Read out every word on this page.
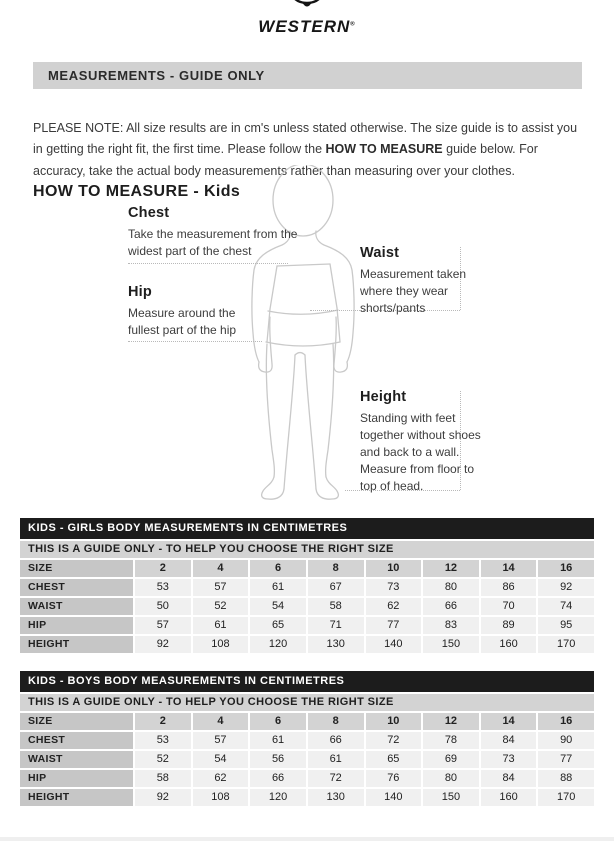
WESTERN®
MEASUREMENTS - GUIDE ONLY

PLEASE NOTE: All size results are in cm's unless stated otherwise. The size guide is to assist you in getting the right fit, the first time. Please follow the HOW TO MEASURE guide below. For accuracy, take the actual body measurements rather than measuring over your clothes.

HOW TO MEASURE - Kids
Chest
Take the measurement from the widest part of the chest
Hip
Measure around the fullest part of the hip
Waist
Measurement taken where they wear shorts/pants
Height
Standing with feet together without shoes and back to a wall. Measure from floor to top of head.
KIDS - GIRLS BODY MEASUREMENTS IN CENTIMETRES
THIS IS A GUIDE ONLY - TO HELP YOU CHOOSE THE RIGHT SIZE
SIZE	2	4	6	8	10	12	14	16
CHEST	53	57	61	67	73	80	86	92
WAIST	50	52	54	58	62	66	70	74
HIP	57	61	65	71	77	83	89	95
HEIGHT	92	108	120	130	140	150	160	170
KIDS - BOYS BODY MEASUREMENTS IN CENTIMETRES
THIS IS A GUIDE ONLY - TO HELP YOU CHOOSE THE RIGHT SIZE
SIZE	2	4	6	8	10	12	14	16
CHEST	53	57	61	66	72	78	84	90
WAIST	52	54	56	61	65	69	73	77
HIP	58	62	66	72	76	80	84	88
HEIGHT	92	108	120	130	140	150	160	170
